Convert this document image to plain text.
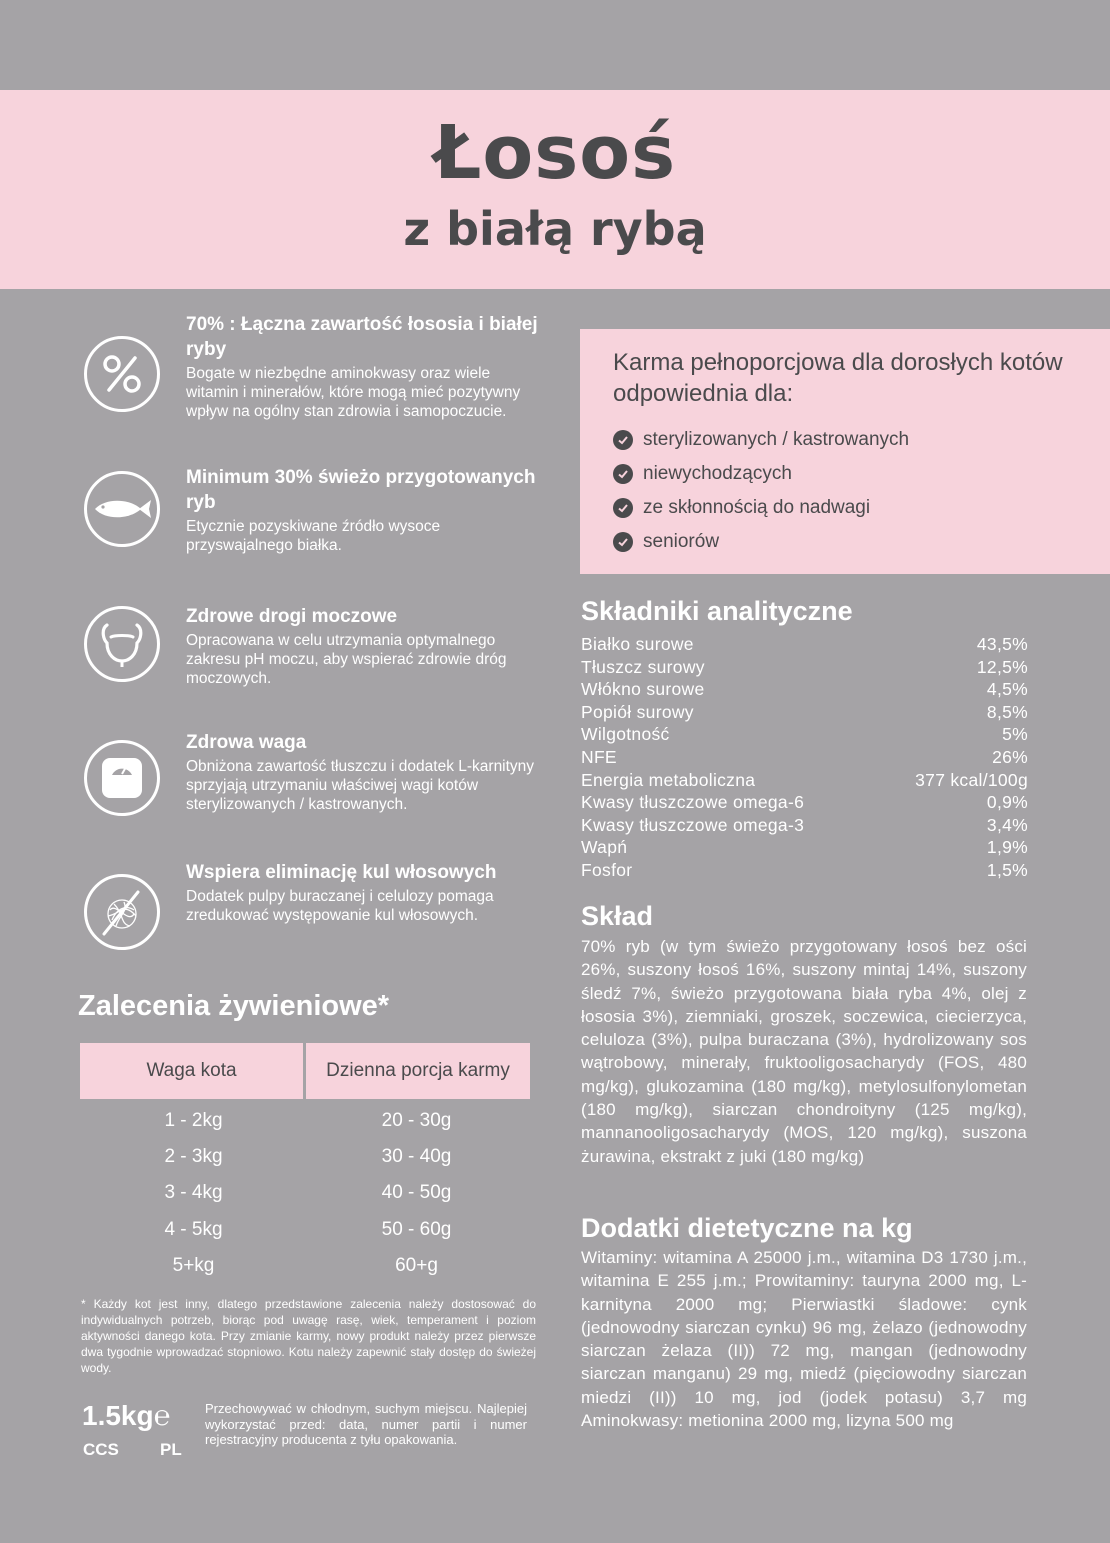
Łosoś
z białą rybą
70% : Łączna zawartość łososia i białej ryby
Bogate w niezbędne aminokwasy oraz wiele witamin i minerałów, które mogą mieć pozytywny wpływ na ogólny stan zdrowia i samopoczucie.
Minimum 30% świeżo przygotowanych ryb
Etycznie pozyskiwane źródło wysoce przyswajalnego białka.
Zdrowe drogi moczowe
Opracowana w celu utrzymania optymalnego zakresu pH moczu, aby wspierać zdrowie dróg moczowych.
Zdrowa waga
Obniżona zawartość tłuszczu i dodatek L-karnityny sprzyjają utrzymaniu właściwej wagi kotów sterylizowanych / kastrowanych.
Wspiera eliminację kul włosowych
Dodatek pulpy buraczanej i celulozy pomaga zredukować występowanie kul włosowych.
Karma pełnoporcjowa dla dorosłych kotów odpowiednia dla:
sterylizowanych / kastrowanych
niewychodzących
ze skłonnością do nadwagi
seniorów
Składniki analityczne
Białko surowe	43,5%
Tłuszcz surowy	12,5%
Włókno surowe	4,5%
Popiół surowy	8,5%
Wilgotność	5%
NFE	26%
Energia metaboliczna	377 kcal/100g
Kwasy tłuszczowe omega-6	0,9%
Kwasy tłuszczowe omega-3	3,4%
Wapń	1,9%
Fosfor	1,5%
Skład
70% ryb (w tym świeżo przygotowany łosoś bez ości 26%, suszony łosoś 16%, suszony mintaj 14%, suszony śledź 7%, świeżo przygotowana biała ryba 4%, olej z łososia 3%), ziemniaki, groszek, soczewica, ciecierzyca, celuloza (3%), pulpa buraczana (3%), hydrolizowany sos wątrobowy, minerały, fruktooligosacharydy (FOS, 480 mg/kg), glukozamina (180 mg/kg), metylosulfonylometan (180 mg/kg), siarczan chondroityny (125 mg/kg), mannanooligosacharydy (MOS, 120 mg/kg), suszona żurawina, ekstrakt z juki (180 mg/kg)
Dodatki dietetyczne na kg
Witaminy: witamina A 25000 j.m., witamina D3 1730 j.m., witamina E 255 j.m.; Prowitaminy: tauryna 2000 mg, L-karnityna 2000 mg; Pierwiastki śladowe: cynk (jednowodny siarczan cynku) 96 mg, żelazo (jednowodny siarczan żelaza (II)) 72 mg, mangan (jednowodny siarczan manganu) 29 mg, miedź (pięciowodny siarczan miedzi (II)) 10 mg, jod (jodek potasu) 3,7 mg Aminokwasy: metionina 2000 mg, lizyna 500 mg
Zalecenia żywieniowe*
Waga kota	Dzienna porcja karmy
1 - 2kg	20 - 30g
2 - 3kg	30 - 40g
3 - 4kg	40 - 50g
4 - 5kg	50 - 60g
5+kg	60+g
* Każdy kot jest inny, dlatego przedstawione zalecenia należy dostosować do indywidualnych potrzeb, biorąc pod uwagę rasę, wiek, temperament i poziom aktywności danego kota. Przy zmianie karmy, nowy produkt należy przez pierwsze dwa tygodnie wprowadzać stopniowo. Kotu należy zapewnić stały dostęp do świeżej wody.
1.5kg℮
CCS PL
Przechowywać w chłodnym, suchym miejscu. Najlepiej wykorzystać przed: data, numer partii i numer rejestracyjny producenta z tyłu opakowania.
